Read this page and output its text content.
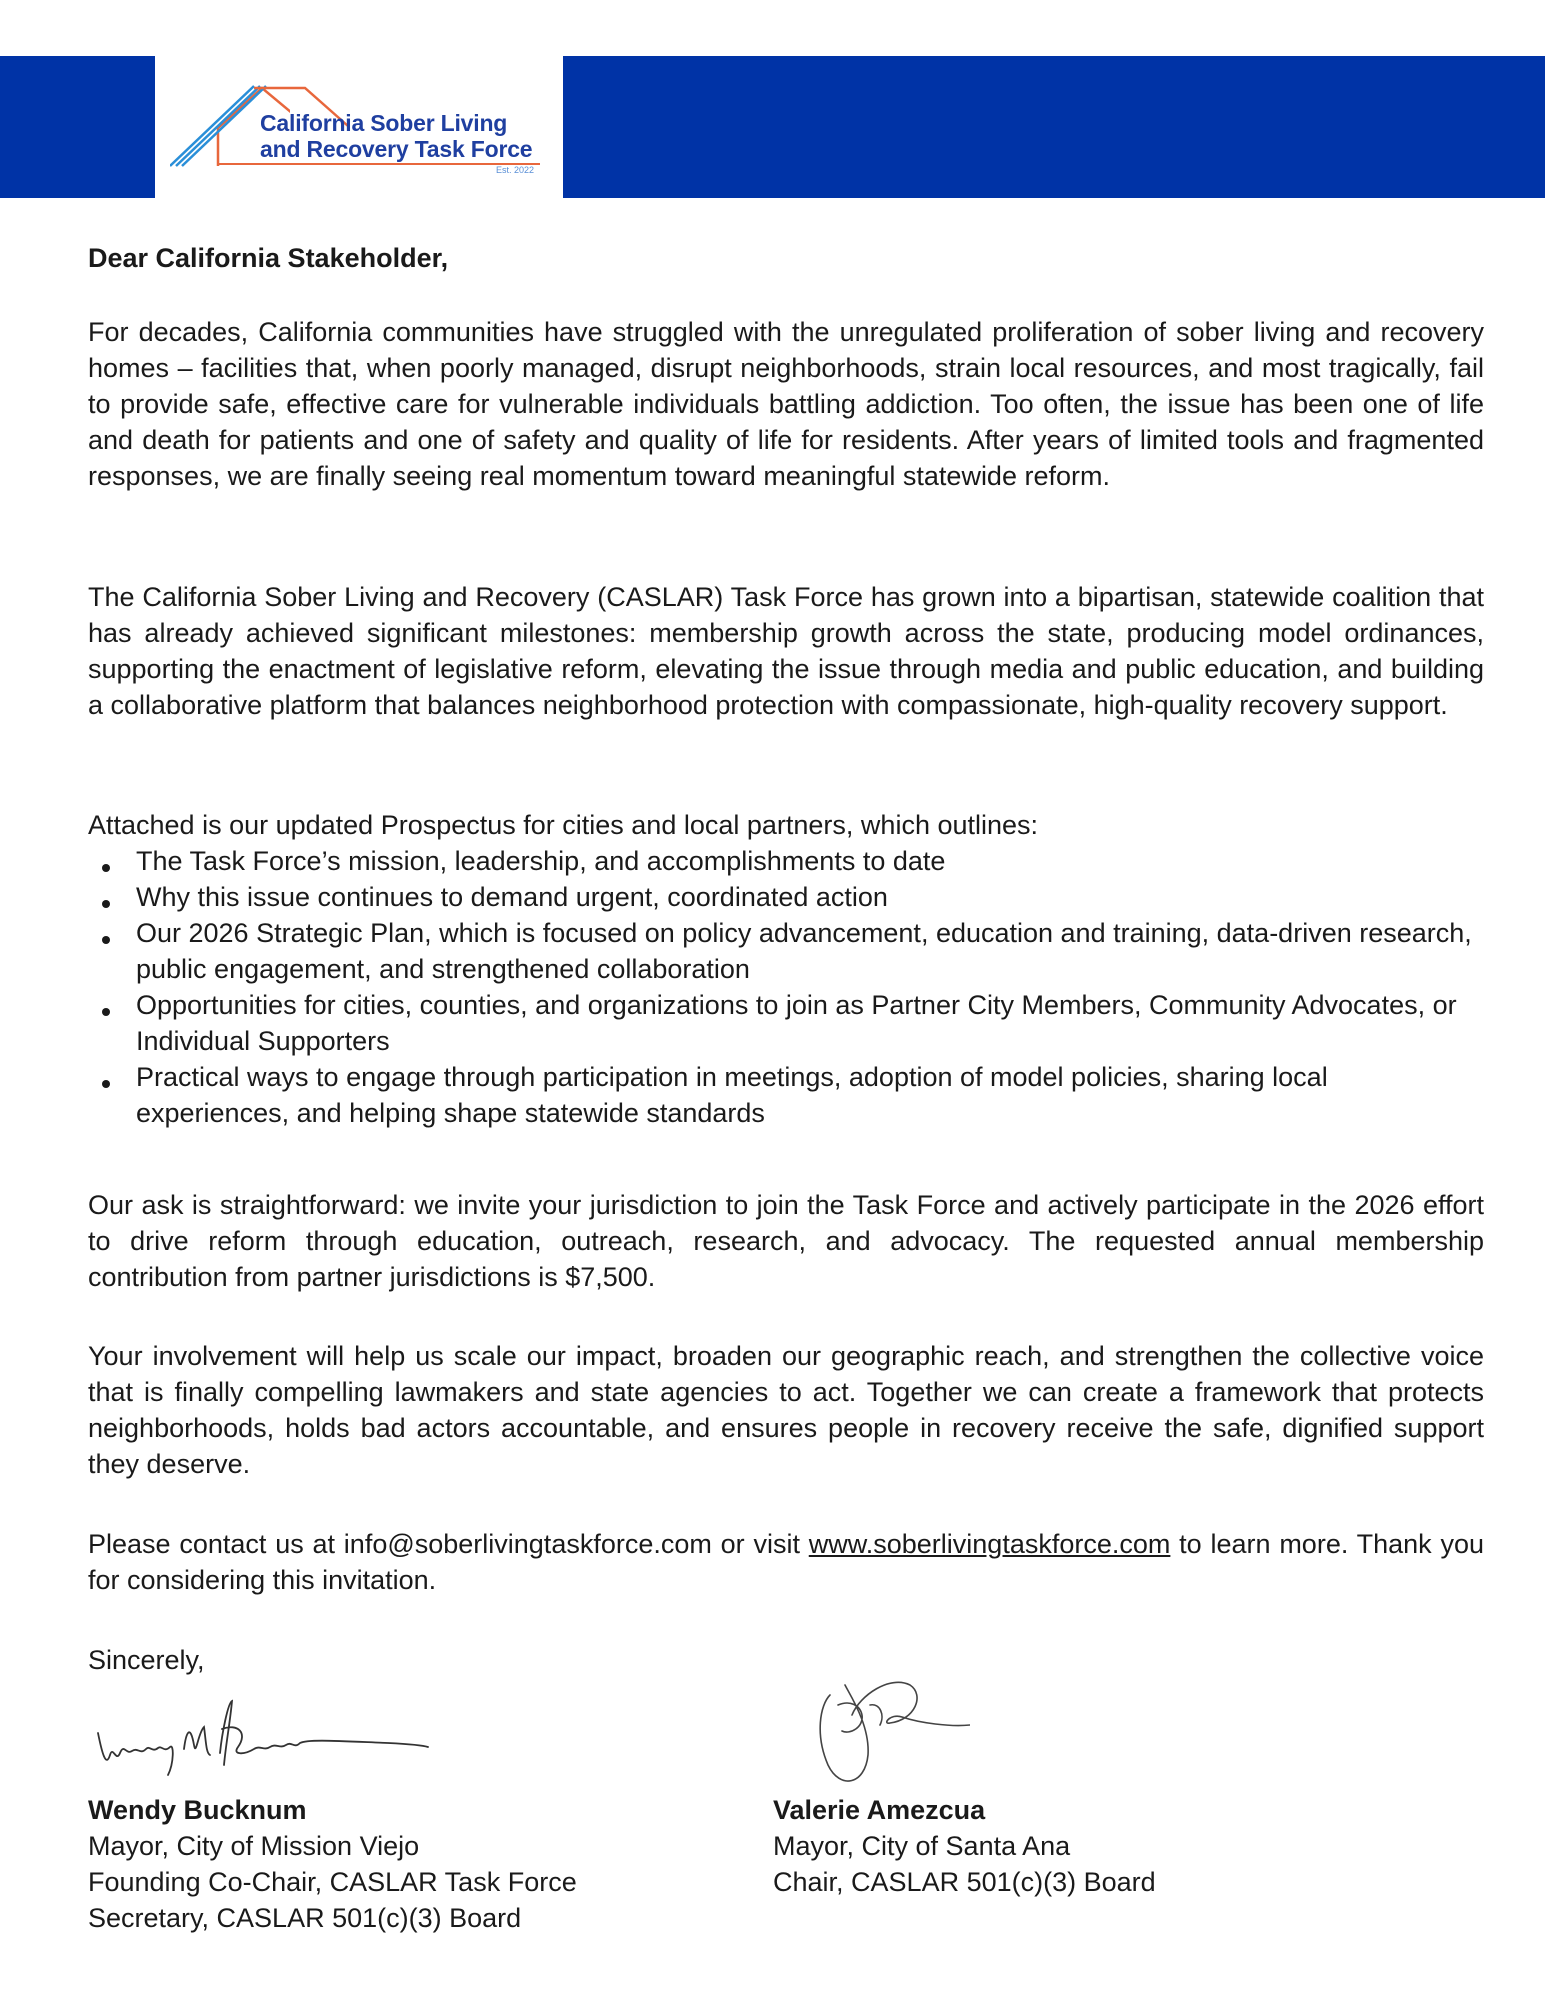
California Sober Living
and Recovery Task Force
Est. 2022
Dear California Stakeholder,

For decades, California communities have struggled with the unregulated proliferation of sober living and recovery homes – facilities that, when poorly managed, disrupt neighborhoods, strain local resources, and most tragically, fail to provide safe, effective care for vulnerable individuals battling addiction. Too often, the issue has been one of life and death for patients and one of safety and quality of life for residents. After years of limited tools and fragmented responses, we are finally seeing real momentum toward meaningful statewide reform.

The California Sober Living and Recovery (CASLAR) Task Force has grown into a bipartisan, statewide coalition that has already achieved significant milestones: membership growth across the state, producing model ordinances, supporting the enactment of legislative reform, elevating the issue through media and public education, and building a collaborative platform that balances neighborhood protection with compassionate, high-quality recovery support.

Attached is our updated Prospectus for cities and local partners, which outlines:
The Task Force’s mission, leadership, and accomplishments to date
Why this issue continues to demand urgent, coordinated action
Our 2026 Strategic Plan, which is focused on policy advancement, education and training, data-driven research, public engagement, and strengthened collaboration
Opportunities for cities, counties, and organizations to join as Partner City Members, Community Advocates, or Individual Supporters
Practical ways to engage through participation in meetings, adoption of model policies, sharing local experiences, and helping shape statewide standards

Our ask is straightforward: we invite your jurisdiction to join the Task Force and actively participate in the 2026 effort to drive reform through education, outreach, research, and advocacy. The requested annual membership contribution from partner jurisdictions is $7,500.

Your involvement will help us scale our impact, broaden our geographic reach, and strengthen the collective voice that is finally compelling lawmakers and state agencies to act. Together we can create a framework that protects neighborhoods, holds bad actors accountable, and ensures people in recovery receive the safe, dignified support they deserve.

Please contact us at info@soberlivingtaskforce.com or visit www.soberlivingtaskforce.com to learn more. Thank you for considering this invitation.

Sincerely,
Wendy Bucknum
Mayor, City of Mission Viejo
Founding Co-Chair, CASLAR Task Force
Secretary, CASLAR 501(c)(3) Board
Valerie Amezcua
Mayor, City of Santa Ana
Chair, CASLAR 501(c)(3) Board
